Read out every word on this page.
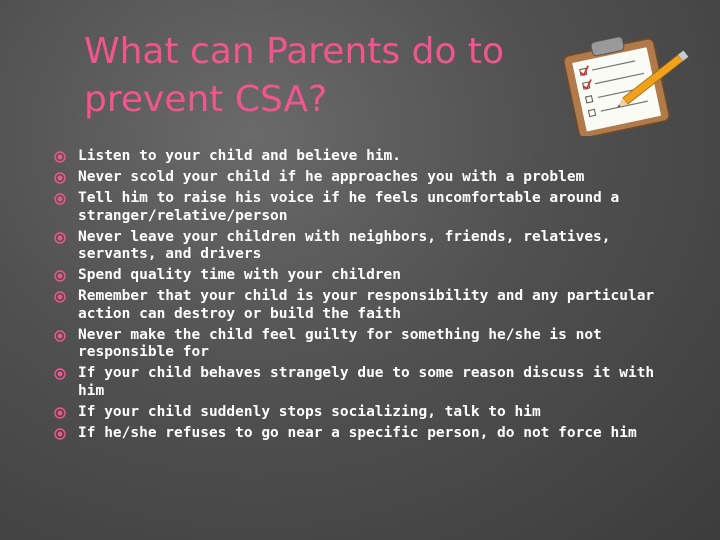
What can Parents do to
prevent CSA?
Listen to your child and believe him.
Never scold your child if he approaches you with a problem
Tell him to raise his voice if he feels uncomfortable around a stranger/relative/person
Never leave your children with neighbors, friends, relatives, servants, and drivers
Spend quality time with your children
Remember that your child is your responsibility and any particular action can destroy or build the faith
Never make the child feel guilty for something he/she is not responsible for
If your child behaves strangely due to some reason discuss it with him
If your child suddenly stops socializing, talk to him
If he/she refuses to go near a specific person, do not force him
